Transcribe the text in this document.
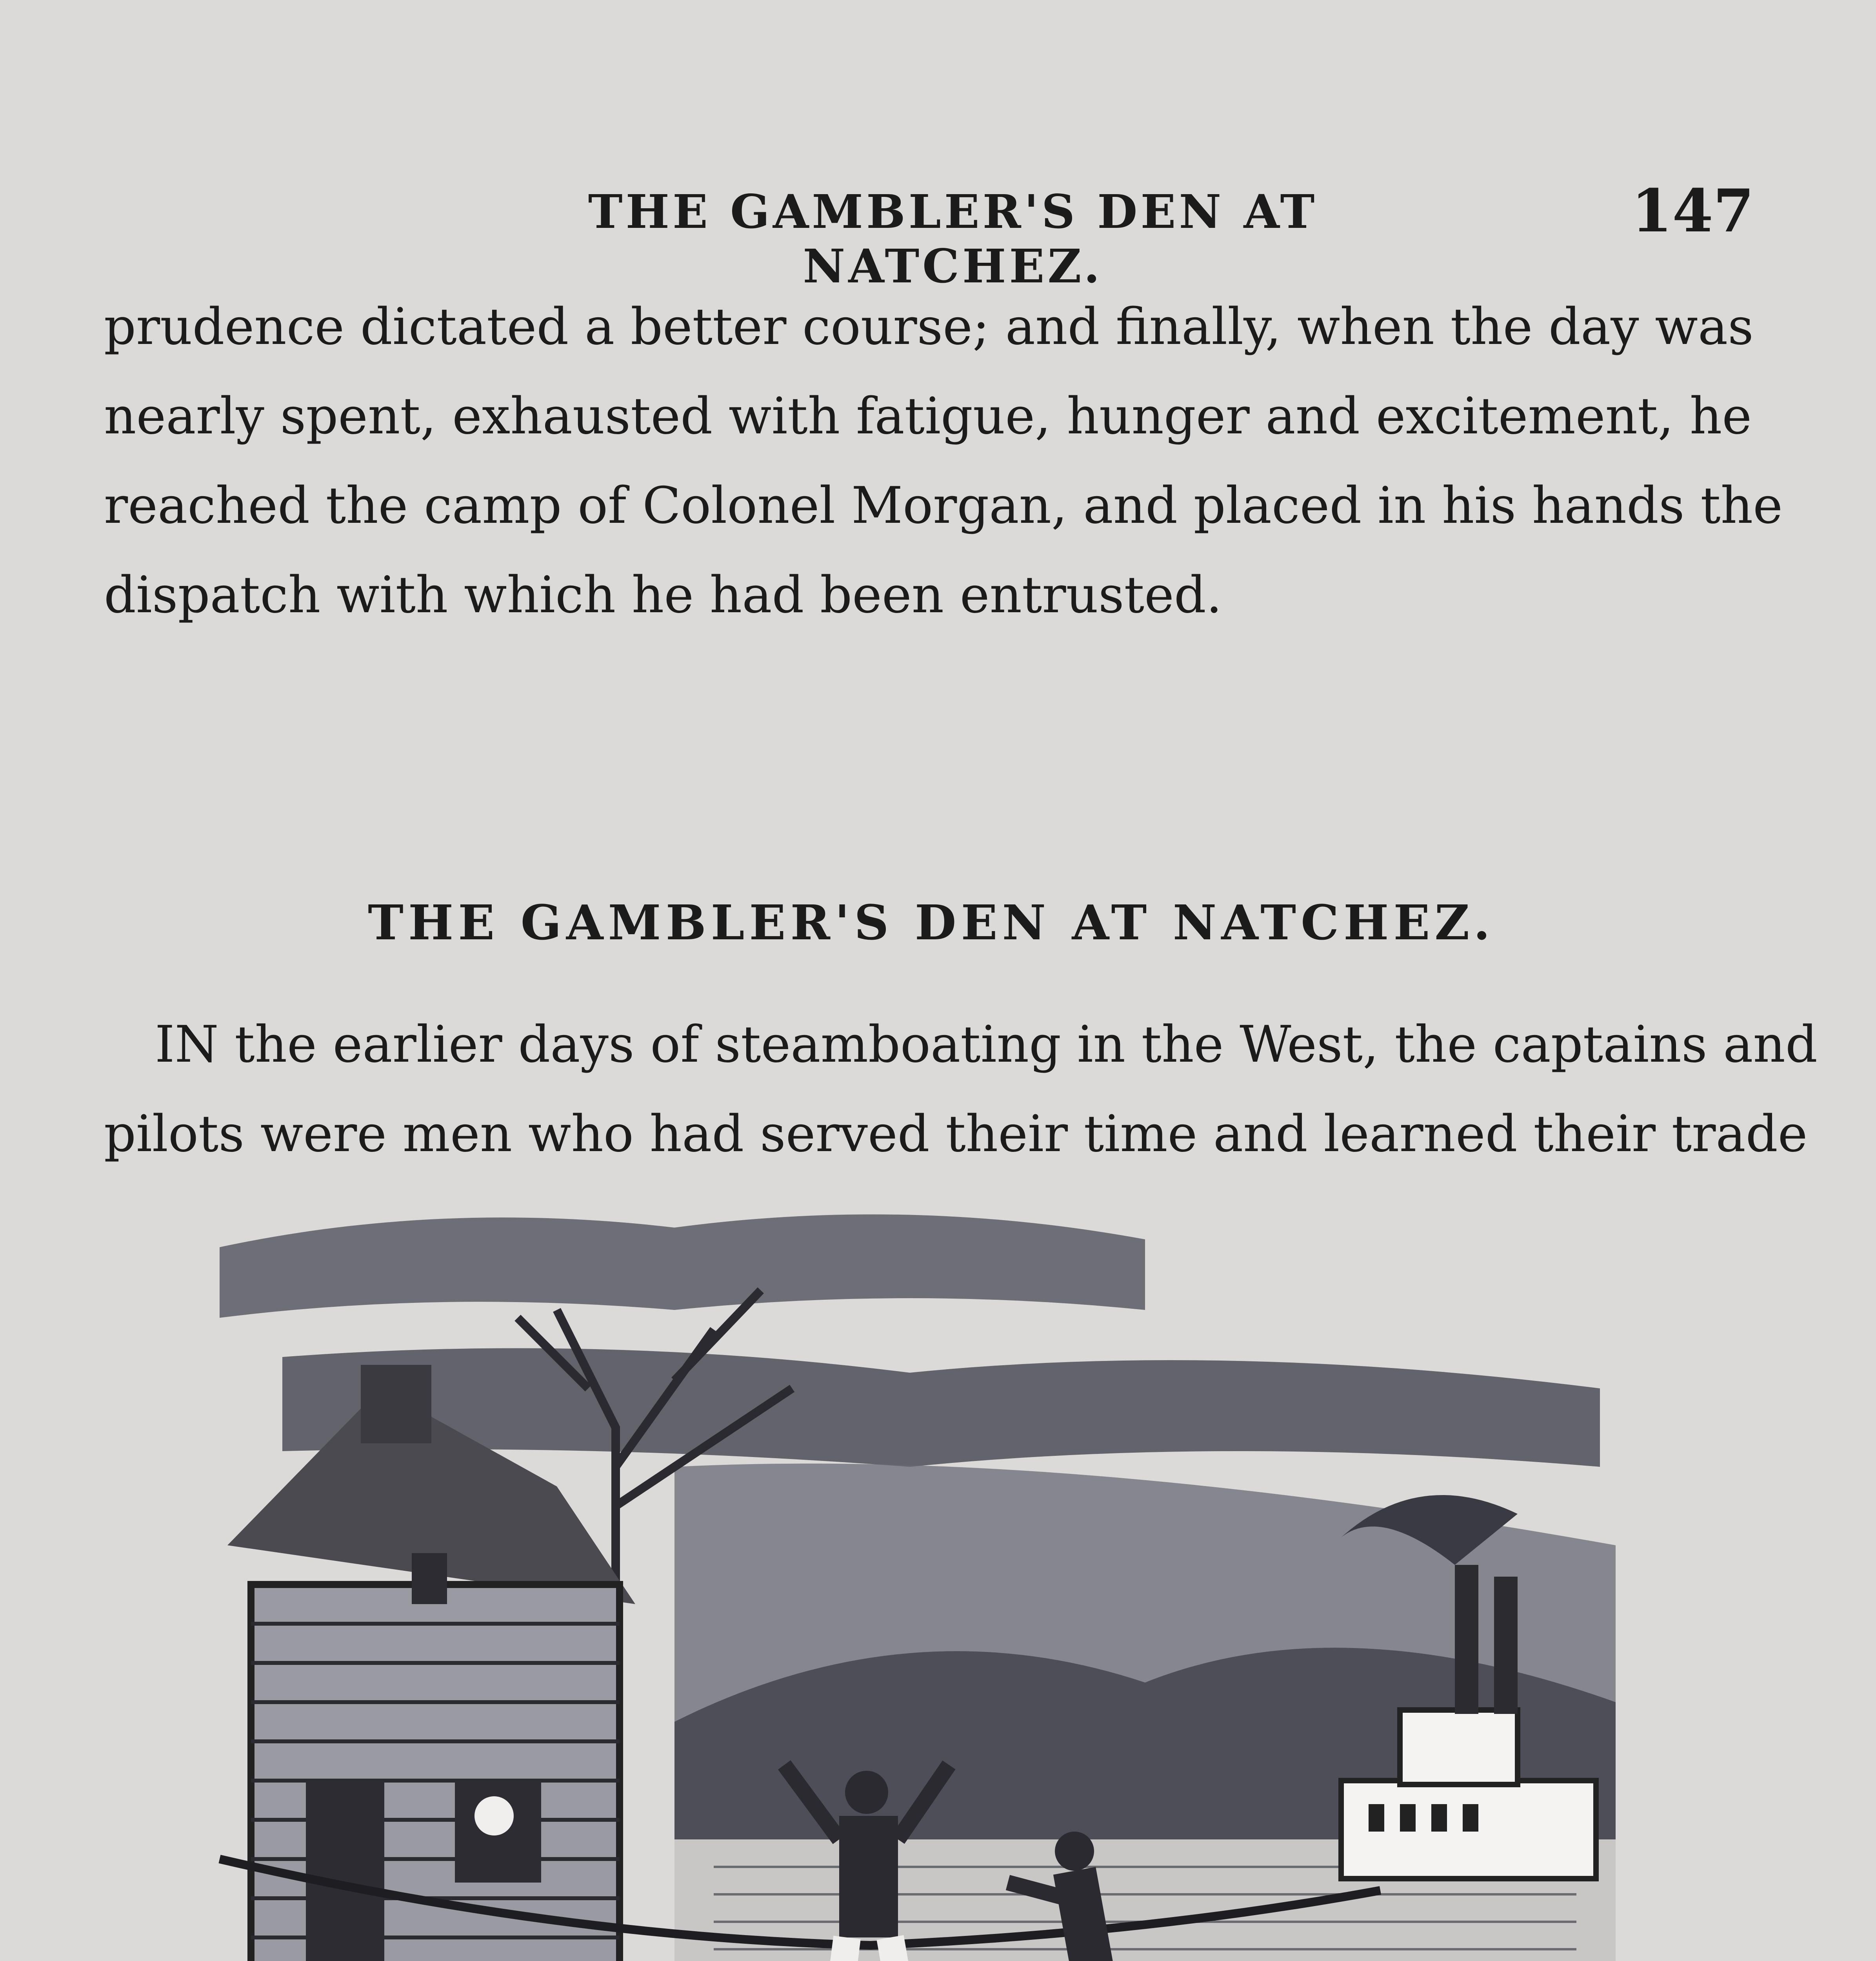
THE GAMBLER'S DEN AT NATCHEZ.
147
prudence dictated a better course; and finally, when the day was
nearly spent, exhausted with fatigue, hunger and excitement, he
reached the camp of Colonel Morgan, and placed in his hands the
dispatch with which he had been entrusted.
THE GAMBLER'S DEN AT NATCHEZ.
IN the earlier days of steamboating in the West, the captains and
pilots were men who had served their time and learned their trade
